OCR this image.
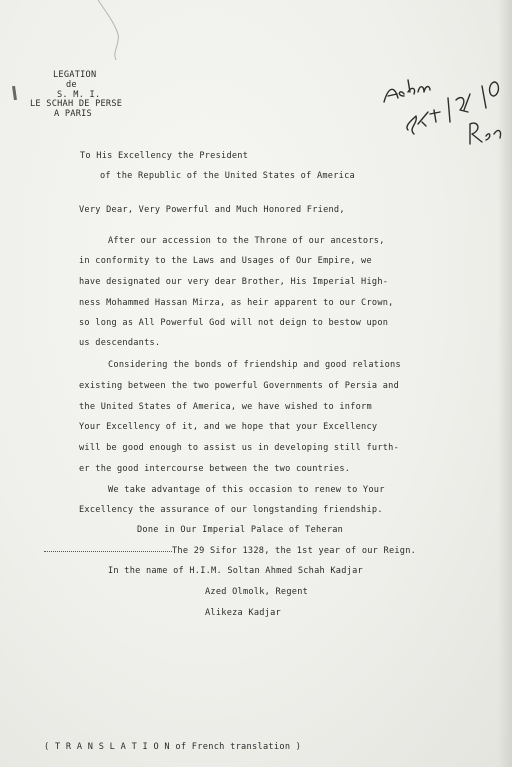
LEGATION
de
S. M. I.
LE SCHAH DE PERSE
A PARIS
To His Excellency the President
of the Republic of the United States of America
Very Dear, Very Powerful and Much Honored Friend,
After our accession to the Throne of our ancestors,
in conformity to the Laws and Usages of Our Empire, we
have designated our very dear Brother, His Imperial High-
ness Mohammed Hassan Mirza, as heir apparent to our Crown,
so long as All Powerful God will not deign to bestow upon
us descendants.
Considering the bonds of friendship and good relations
existing between the two powerful Governments of Persia and
the United States of America, we have wished to inform
Your Excellency of it, and we hope that your Excellency
will be good enough to assist us in developing still furth-
er the good intercourse between the two countries.
We take advantage of this occasion to renew to Your
Excellency the assurance of our longstanding friendship.
Done in Our Imperial Palace of Teheran
The 29 Sifor 1328, the 1st year of our Reign.
In the name of H.I.M. Soltan Ahmed Schah Kadjar
Azed Olmolk, Regent
Alikeza Kadjar
( T R A N S L A T I O N of French translation )
